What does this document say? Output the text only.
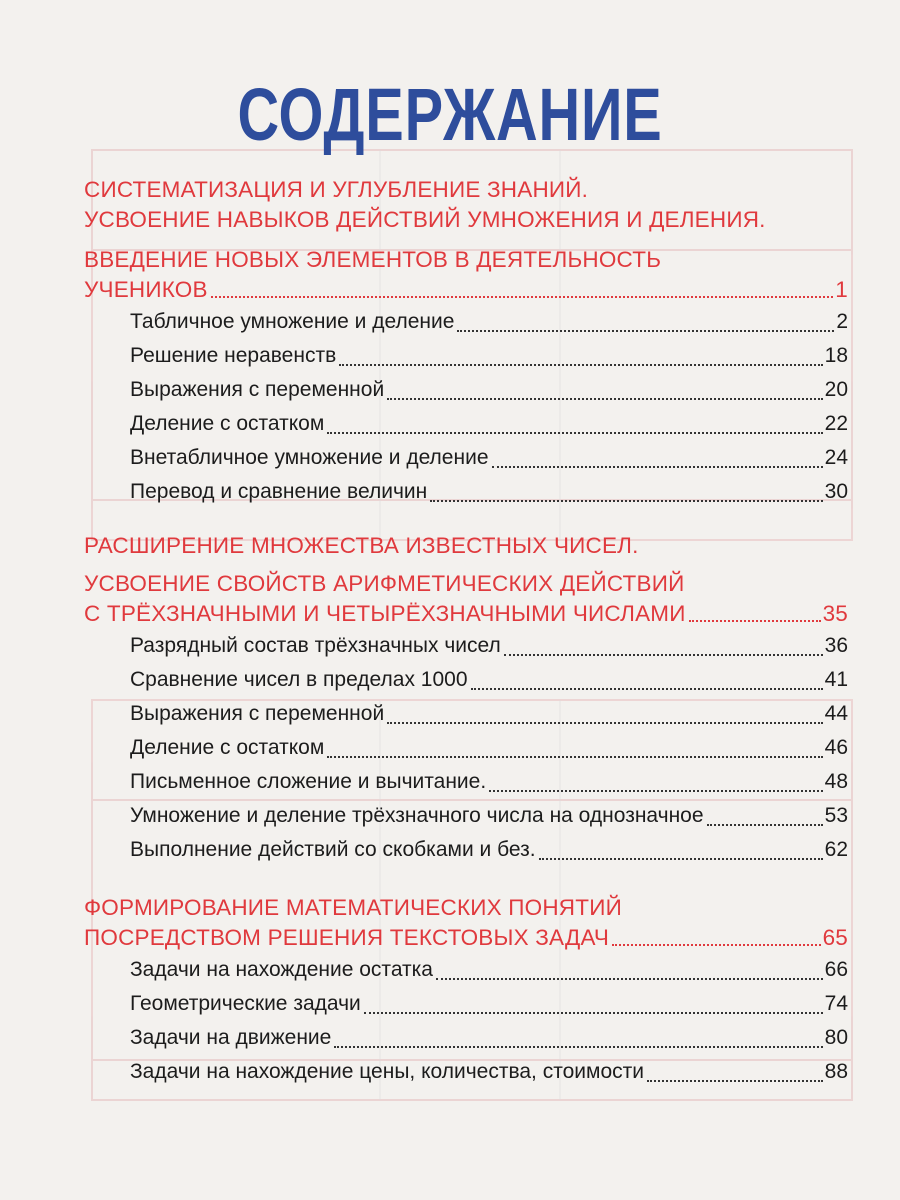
СОДЕРЖАНИЕ
СИСТЕМАТИЗАЦИЯ И УГЛУБЛЕНИЕ ЗНАНИЙ.
УСВОЕНИЕ НАВЫКОВ ДЕЙСТВИЙ УМНОЖЕНИЯ И ДЕЛЕНИЯ.
ВВЕДЕНИЕ НОВЫХ ЭЛЕМЕНТОВ В ДЕЯТЕЛЬНОСТЬ
УЧЕНИКОВ	1
Табличное умножение и деление	2
Решение неравенств	18
Выражения с переменной	20
Деление с остатком	22
Внетабличное умножение и деление	24
Перевод и сравнение величин	30
РАСШИРЕНИЕ МНОЖЕСТВА ИЗВЕСТНЫХ ЧИСЕЛ.
УСВОЕНИЕ СВОЙСТВ АРИФМЕТИЧЕСКИХ ДЕЙСТВИЙ
С ТРЁХЗНАЧНЫМИ И ЧЕТЫРЁХЗНАЧНЫМИ ЧИСЛАМИ	35
Разрядный состав трёхзначных чисел	36
Сравнение чисел в пределах 1000	41
Выражения с переменной	44
Деление с остатком	46
Письменное сложение и вычитание.	48
Умножение и деление трёхзначного числа на однозначное	53
Выполнение действий со скобками и без.	62
ФОРМИРОВАНИЕ МАТЕМАТИЧЕСКИХ ПОНЯТИЙ
ПОСРЕДСТВОМ РЕШЕНИЯ ТЕКСТОВЫХ ЗАДАЧ	65
Задачи на нахождение остатка	66
Геометрические задачи	74
Задачи на движение	80
Задачи на нахождение цены, количества, стоимости	88
